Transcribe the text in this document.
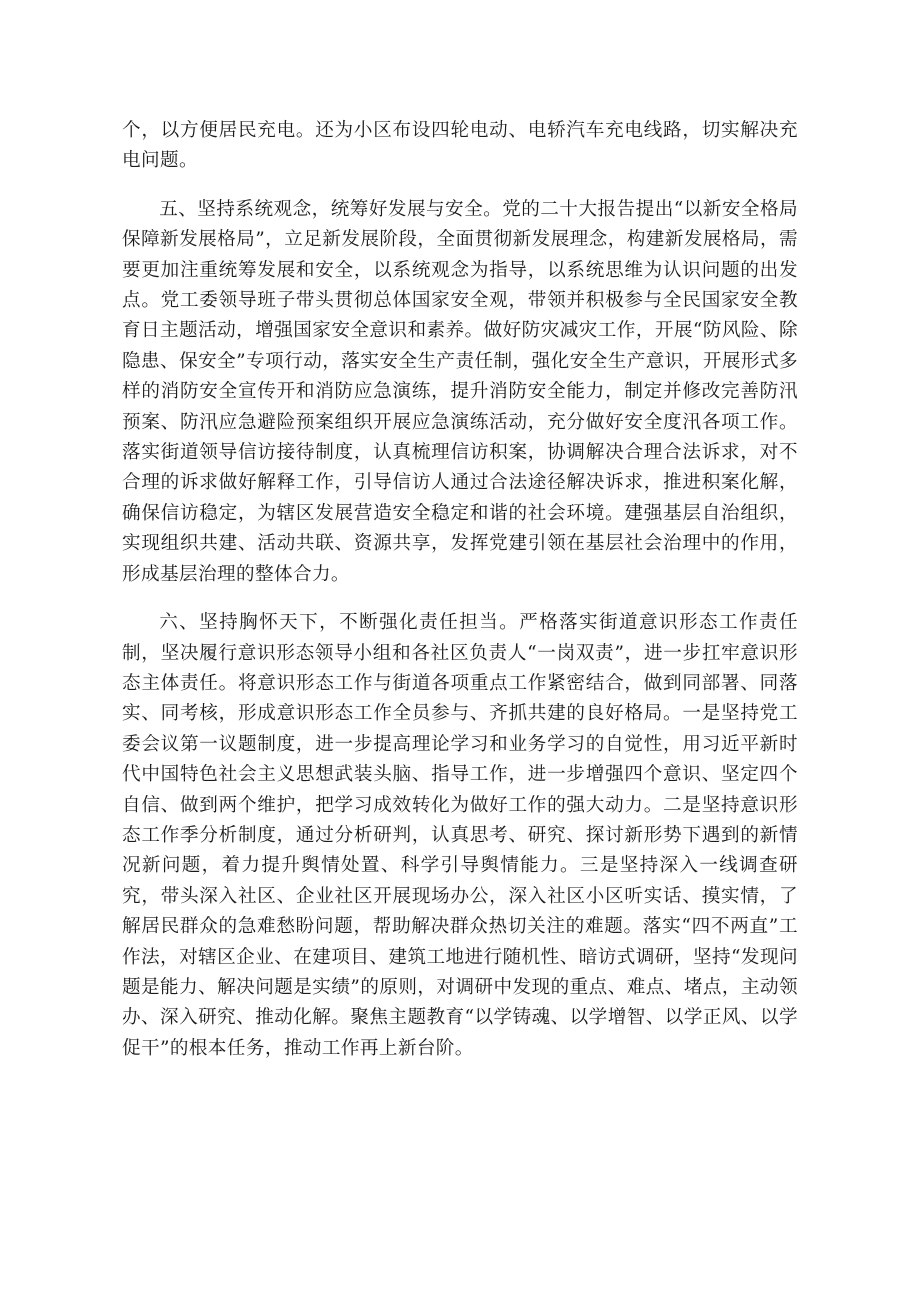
个，以方便居民充电。还为小区布设四轮电动、电轿汽车充电线路，切实解决充电问题。

五、坚持系统观念，统筹好发展与安全。党的二十大报告提出“以新安全格局保障新发展格局”，立足新发展阶段，全面贯彻新发展理念，构建新发展格局，需要更加注重统筹发展和安全，以系统观念为指导，以系统思维为认识问题的出发点。党工委领导班子带头贯彻总体国家安全观，带领并积极参与全民国家安全教育日主题活动，增强国家安全意识和素养。做好防灾减灾工作，开展“防风险、除隐患、保安全”专项行动，落实安全生产责任制，强化安全生产意识，开展形式多样的消防安全宣传开和消防应急演练，提升消防安全能力，制定并修改完善防汛预案、防汛应急避险预案组织开展应急演练活动，充分做好安全度汛各项工作。落实街道领导信访接待制度，认真梳理信访积案，协调解决合理合法诉求，对不合理的诉求做好解释工作，引导信访人通过合法途径解决诉求，推进积案化解，确保信访稳定，为辖区发展营造安全稳定和谐的社会环境。建强基层自治组织，实现组织共建、活动共联、资源共享，发挥党建引领在基层社会治理中的作用，形成基层治理的整体合力。

六、坚持胸怀天下，不断强化责任担当。严格落实街道意识形态工作责任制，坚决履行意识形态领导小组和各社区负责人“一岗双责”，进一步扛牢意识形态主体责任。将意识形态工作与街道各项重点工作紧密结合，做到同部署、同落实、同考核，形成意识形态工作全员参与、齐抓共建的良好格局。一是坚持党工委会议第一议题制度，进一步提高理论学习和业务学习的自觉性，用习近平新时代中国特色社会主义思想武装头脑、指导工作，进一步增强四个意识、坚定四个自信、做到两个维护，把学习成效转化为做好工作的强大动力。二是坚持意识形态工作季分析制度，通过分析研判，认真思考、研究、探讨新形势下遇到的新情况新问题，着力提升舆情处置、科学引导舆情能力。三是坚持深入一线调查研究，带头深入社区、企业社区开展现场办公，深入社区小区听实话、摸实情，了解居民群众的急难愁盼问题，帮助解决群众热切关注的难题。落实“四不两直”工作法，对辖区企业、在建项目、建筑工地进行随机性、暗访式调研，坚持“发现问题是能力、解决问题是实绩”的原则，对调研中发现的重点、难点、堵点，主动领办、深入研究、推动化解。聚焦主题教育“以学铸魂、以学增智、以学正风、以学促干”的根本任务，推动工作再上新台阶。
